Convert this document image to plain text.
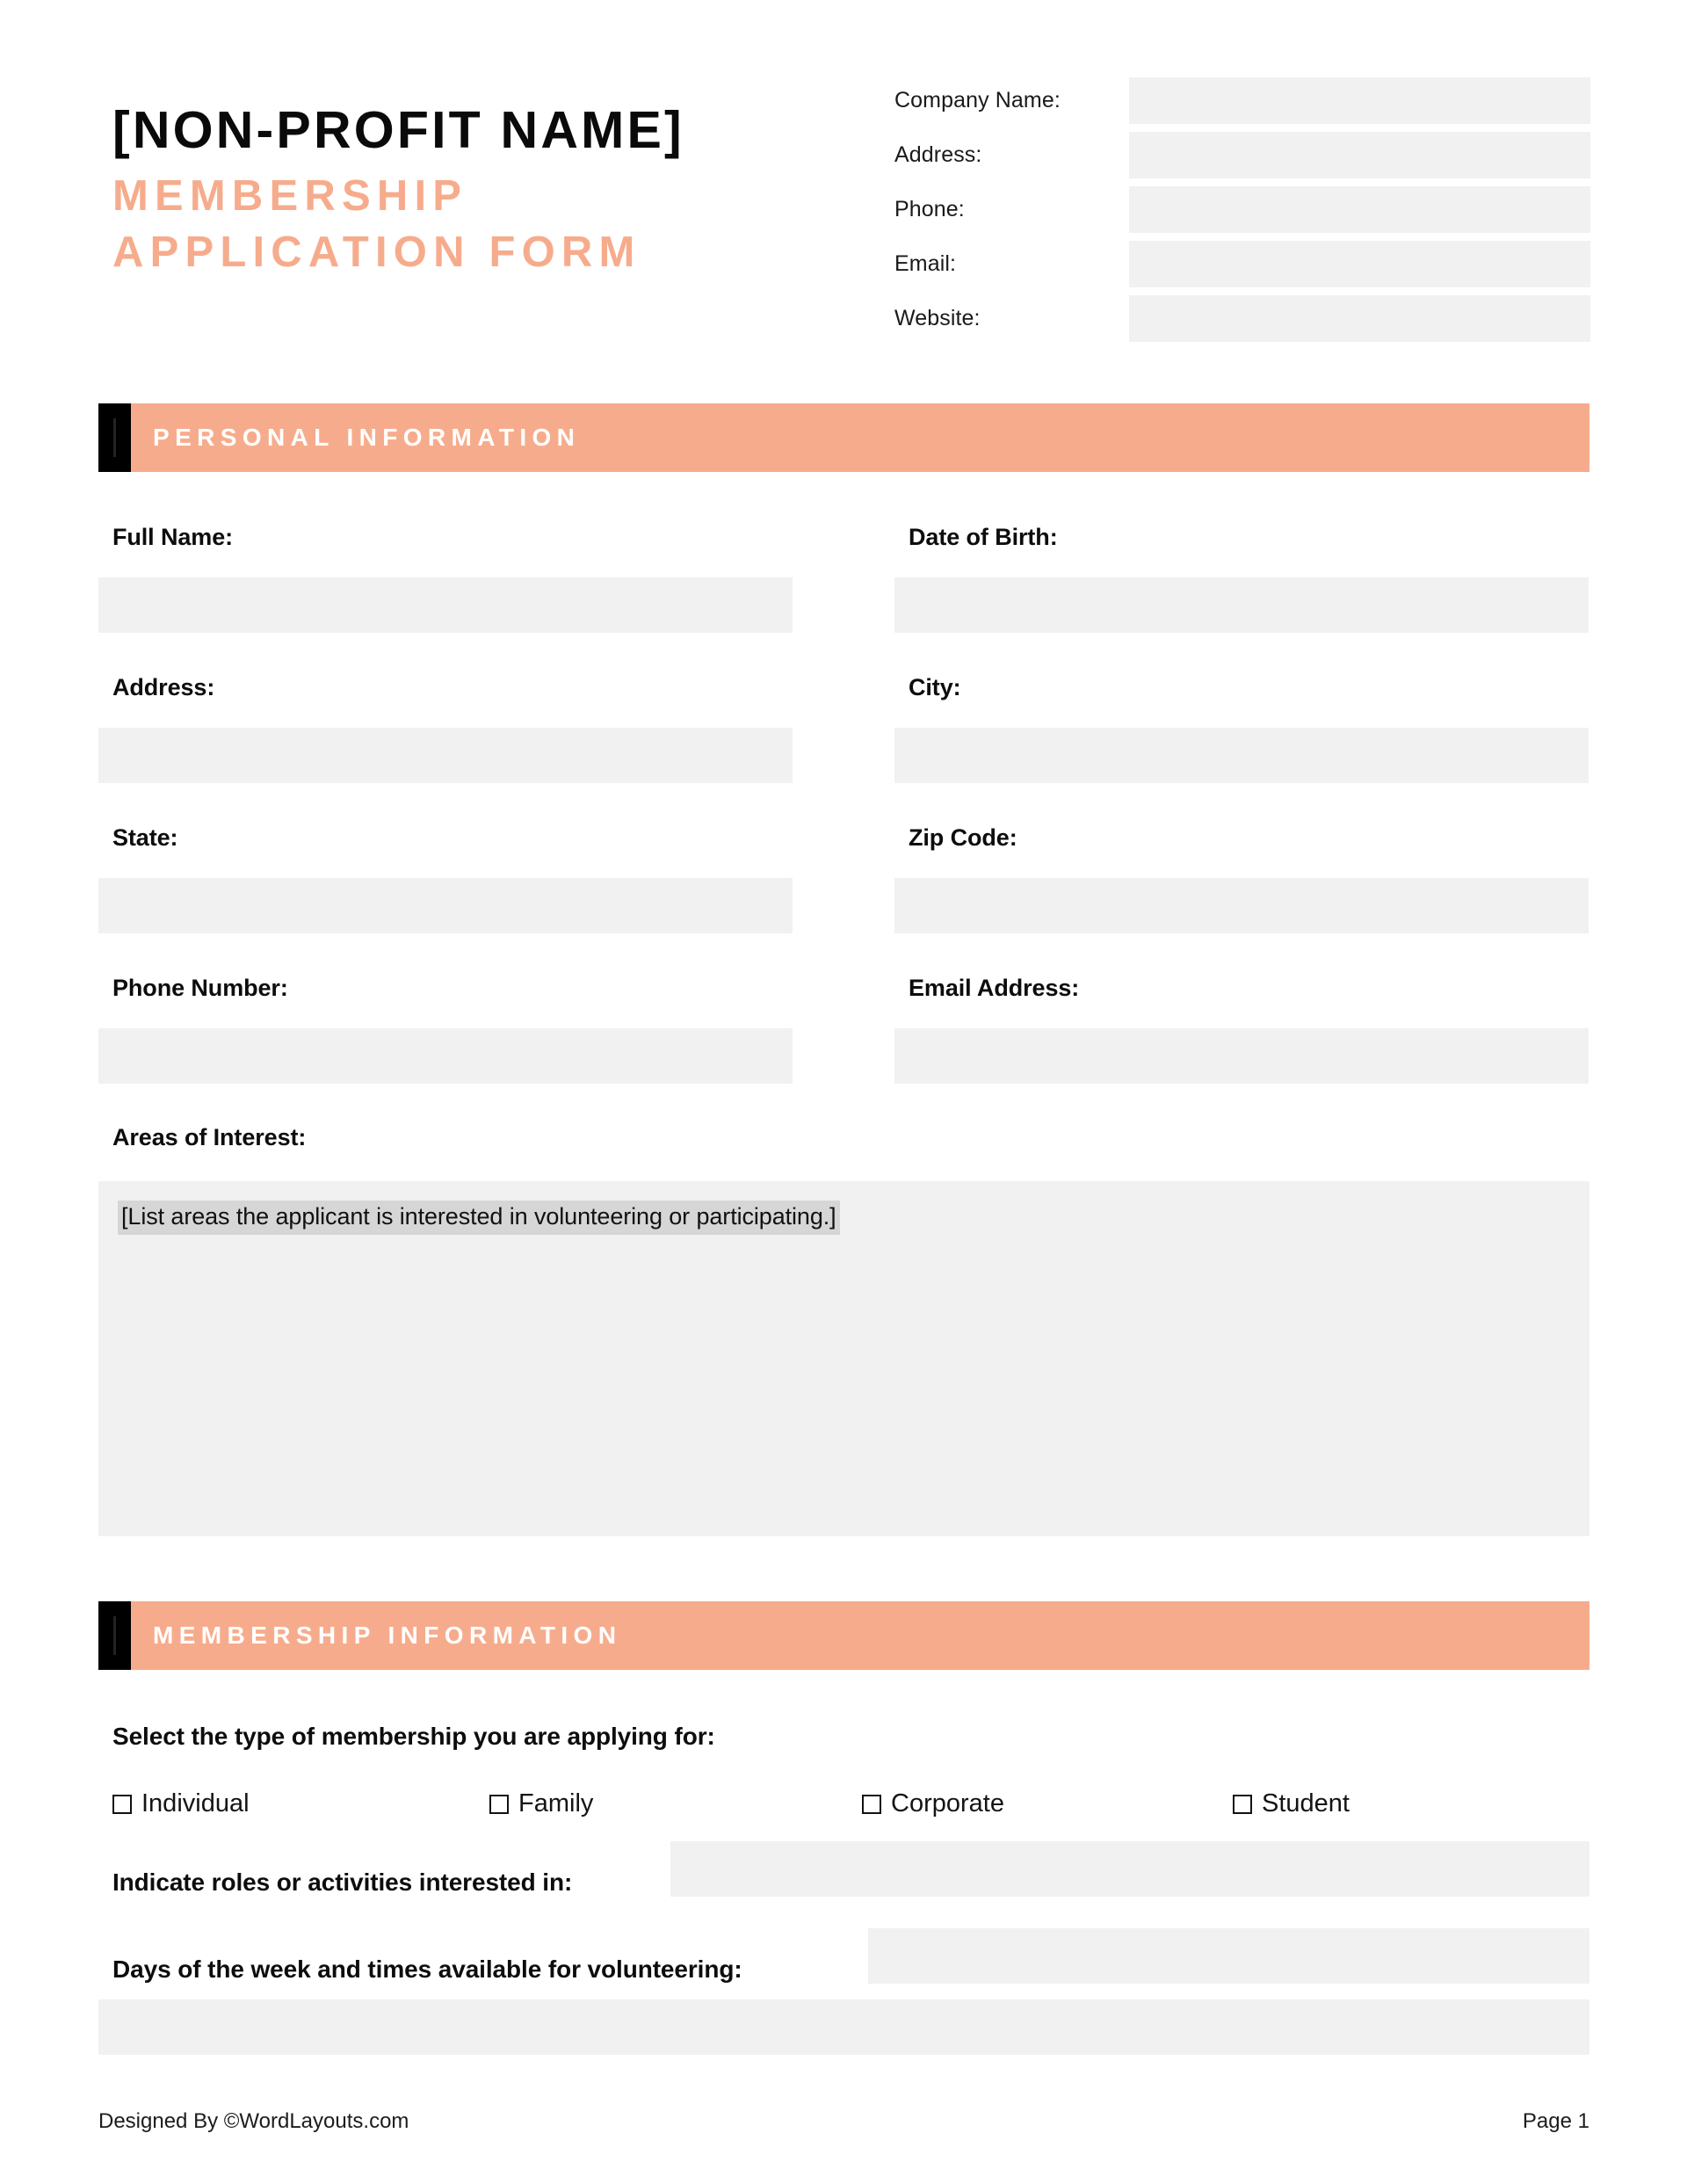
[NON-PROFIT NAME]
MEMBERSHIP
APPLICATION FORM
Company Name:
Address:
Phone:
Email:
Website:
PERSONAL INFORMATION
Full Name:	Date of Birth:
Address:	City:
State:	Zip Code:
Phone Number:	Email Address:
Areas of Interest:
[List areas the applicant is interested in volunteering or participating.]
MEMBERSHIP INFORMATION
Select the type of membership you are applying for:
Individual	Family	Corporate	Student
Indicate roles or activities interested in:
Days of the week and times available for volunteering:
Designed By ©WordLayouts.com	Page 1
